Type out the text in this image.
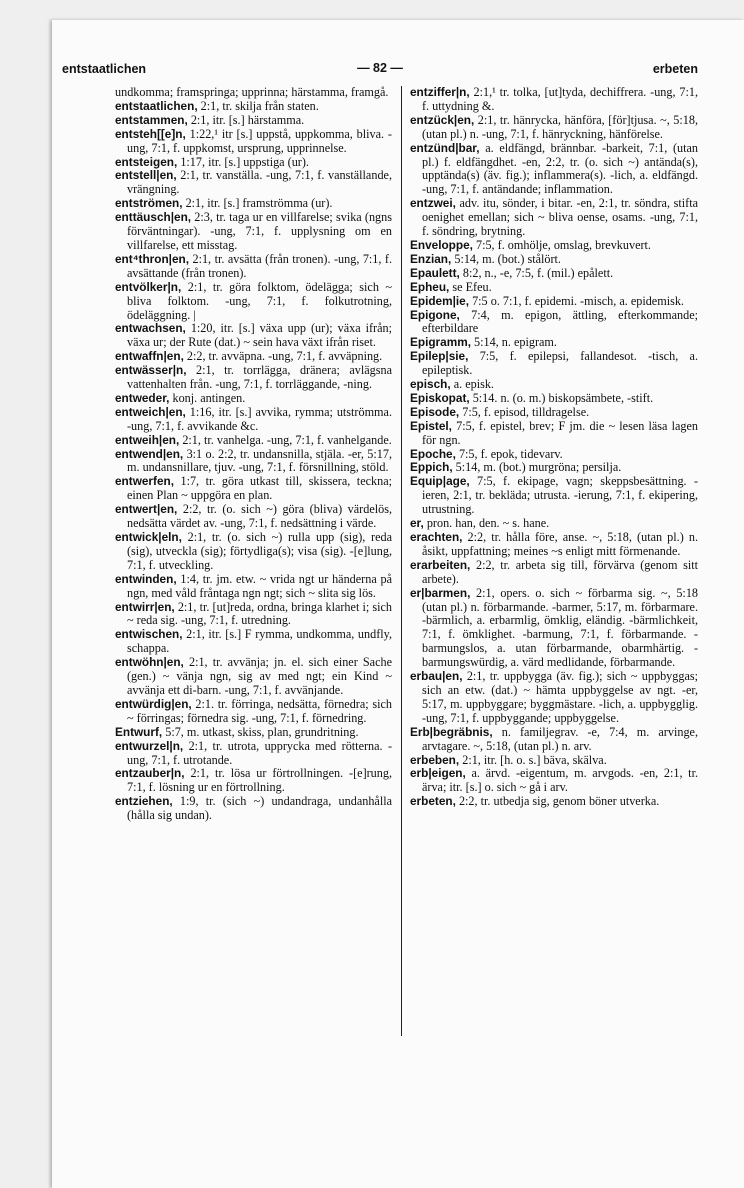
entstaatlichen	— 82 —	erbeten

undkomma; framspringa; upprinna; härstamma, framgå.

entstaatlichen, 2:1, tr. skilja från staten.

entstammen, 2:1, itr. [s.] härstamma.

entsteh[[e]n, 1:22,¹ itr [s.] uppstå, uppkomma, bliva. -ung, 7:1, f. uppkomst, ursprung, upprinnelse.

entsteigen, 1:17, itr. [s.] uppstiga (ur).

entstell|en, 2:1, tr. vanställa. -ung, 7:1, f. vanställande, vrängning.

entströmen, 2:1, itr. [s.] framströmma (ur).

enttäusch|en, 2:3, tr. taga ur en villfarelse; svika (ngns förväntningar). -ung, 7:1, f. upplysning om en villfarelse, ett misstag.

ent⁴thron|en, 2:1, tr. avsätta (från tronen). -ung, 7:1, f. avsättande (från tronen).

entvölker|n, 2:1, tr. göra folktom, ödelägga; sich ~ bliva folktom. -ung, 7:1, f. folkutrotning, ödeläggning. |

entwachsen, 1:20, itr. [s.] växa upp (ur); växa ifrån; växa ur; der Rute (dat.) ~ sein hava växt ifrån riset.

entwaffn|en, 2:2, tr. avväpna. -ung, 7:1, f. avväpning.

entwässer|n, 2:1, tr. torrlägga, dränera; avlägsna vattenhalten från. -ung, 7:1, f. torrläggande, -ning.

entweder, konj. antingen.

entweich|en, 1:16, itr. [s.] avvika, rymma; utströmma. -ung, 7:1, f. avvikande &c.

entweih|en, 2:1, tr. vanhelga. -ung, 7:1, f. vanhelgande.

entwend|en, 3:1 o. 2:2, tr. undansnilla, stjäla. -er, 5:17, m. undansnillare, tjuv. -ung, 7:1, f. försnillning, stöld.

entwerfen, 1:7, tr. göra utkast till, skissera, teckna; einen Plan ~ uppgöra en plan.

entwert|en, 2:2, tr. (o. sich ~) göra (bliva) värdelös, nedsätta värdet av. -ung, 7:1, f. nedsättning i värde.

entwick|eln, 2:1, tr. (o. sich ~) rulla upp (sig), reda (sig), utveckla (sig); förtydliga(s); visa (sig). -[e]lung, 7:1, f. utveckling.

entwinden, 1:4, tr. jm. etw. ~ vrida ngt ur händerna på ngn, med våld fråntaga ngn ngt; sich ~ slita sig lös.

entwirr|en, 2:1, tr. [ut]reda, ordna, bringa klarhet i; sich ~ reda sig. -ung, 7:1, f. utredning.

entwischen, 2:1, itr. [s.] F rymma, undkomma, undfly, schappa.

entwöhn|en, 2:1, tr. avvänja; jn. el. sich einer Sache (gen.) ~ vänja ngn, sig av med ngt; ein Kind ~ avvänja ett di-barn. -ung, 7:1, f. avvänjande.

entwürdig|en, 2:1. tr. förringa, nedsätta, förnedra; sich ~ förringas; förnedra sig. -ung, 7:1, f. förnedring.

Entwurf, 5:7, m. utkast, skiss, plan, grundritning.

entwurzel|n, 2:1, tr. utrota, upprycka med rötterna. -ung, 7:1, f. utrotande.

entzauber|n, 2:1, tr. lösa ur förtrollningen. -[e]rung, 7:1, f. lösning ur en förtrollning.

entziehen, 1:9, tr. (sich ~) undandraga, undanhålla (hålla sig undan).

entziffer|n, 2:1,¹ tr. tolka, [ut]tyda, dechiffrera. -ung, 7:1, f. uttydning &.

entzück|en, 2:1, tr. hänrycka, hänföra, [för]tjusa. ~, 5:18, (utan pl.) n. -ung, 7:1, f. hänryckning, hänförelse.

entzünd|bar, a. eldfängd, brännbar. -barkeit, 7:1, (utan pl.) f. eldfängdhet. -en, 2:2, tr. (o. sich ~) antända(s), upptända(s) (äv. fig.); inflammera(s). -lich, a. eldfängd. -ung, 7:1, f. antändande; inflammation.

entzwei, adv. itu, sönder, i bitar. -en, 2:1, tr. söndra, stifta oenighet emellan; sich ~ bliva oense, osams. -ung, 7:1, f. söndring, brytning.

Enveloppe, 7:5, f. omhölje, omslag, brevkuvert.

Enzian, 5:14, m. (bot.) stålört.

Epaulett, 8:2, n., -e, 7:5, f. (mil.) epålett.

Epheu, se Efeu.

Epidem|ie, 7:5 o. 7:1, f. epidemi. -misch, a. epidemisk.

Epigone, 7:4, m. epigon, ättling, efterkommande; efterbildare

Epigramm, 5:14, n. epigram.

Epilep|sie, 7:5, f. epilepsi, fallandesot. -tisch, a. epileptisk.

episch, a. episk.

Episkopat, 5:14. n. (o. m.) biskopsämbete, -stift.

Episode, 7:5, f. episod, tilldragelse.

Epistel, 7:5, f. epistel, brev; F jm. die ~ lesen läsa lagen för ngn.

Epoche, 7:5, f. epok, tidevarv.

Eppich, 5:14, m. (bot.) murgröna; persilja.

Equip|age, 7:5, f. ekipage, vagn; skeppsbesättning. -ieren, 2:1, tr. bekläda; utrusta. -ierung, 7:1, f. ekipering, utrustning.

er, pron. han, den. ~ s. hane.

erachten, 2:2, tr. hålla före, anse. ~, 5:18, (utan pl.) n. åsikt, uppfattning; meines ~s enligt mitt förmenande.

erarbeiten, 2:2, tr. arbeta sig till, förvärva (genom sitt arbete).

er|barmen, 2:1, opers. o. sich ~ förbarma sig. ~, 5:18 (utan pl.) n. förbarmande. -barmer, 5:17, m. förbarmare. -bärmlich, a. erbarmlig, ömklig, eländig. -bärmlichkeit, 7:1, f. ömklighet. -barmung, 7:1, f. förbarmande. -barmungslos, a. utan förbarmande, obarmhärtig. -barmungswürdig, a. värd medlidande, förbarmande.

erbau|en, 2:1, tr. uppbygga (äv. fig.); sich ~ uppbyggas; sich an etw. (dat.) ~ hämta uppbyggelse av ngt. -er, 5:17, m. uppbyggare; byggmästare. -lich, a. uppbygglig. -ung, 7:1, f. uppbyggande; uppbyggelse.

Erb|begräbnis, n. familjegrav. -e, 7:4, m. arvinge, arvtagare. ~, 5:18, (utan pl.) n. arv.

erbeben, 2:1, itr. [h. o. s.] bäva, skälva.

erb|eigen, a. ärvd. -eigentum, m. arvgods. -en, 2:1, tr. ärva; itr. [s.] o. sich ~ gå i arv.

erbeten, 2:2, tr. utbedja sig, genom böner utverka.
